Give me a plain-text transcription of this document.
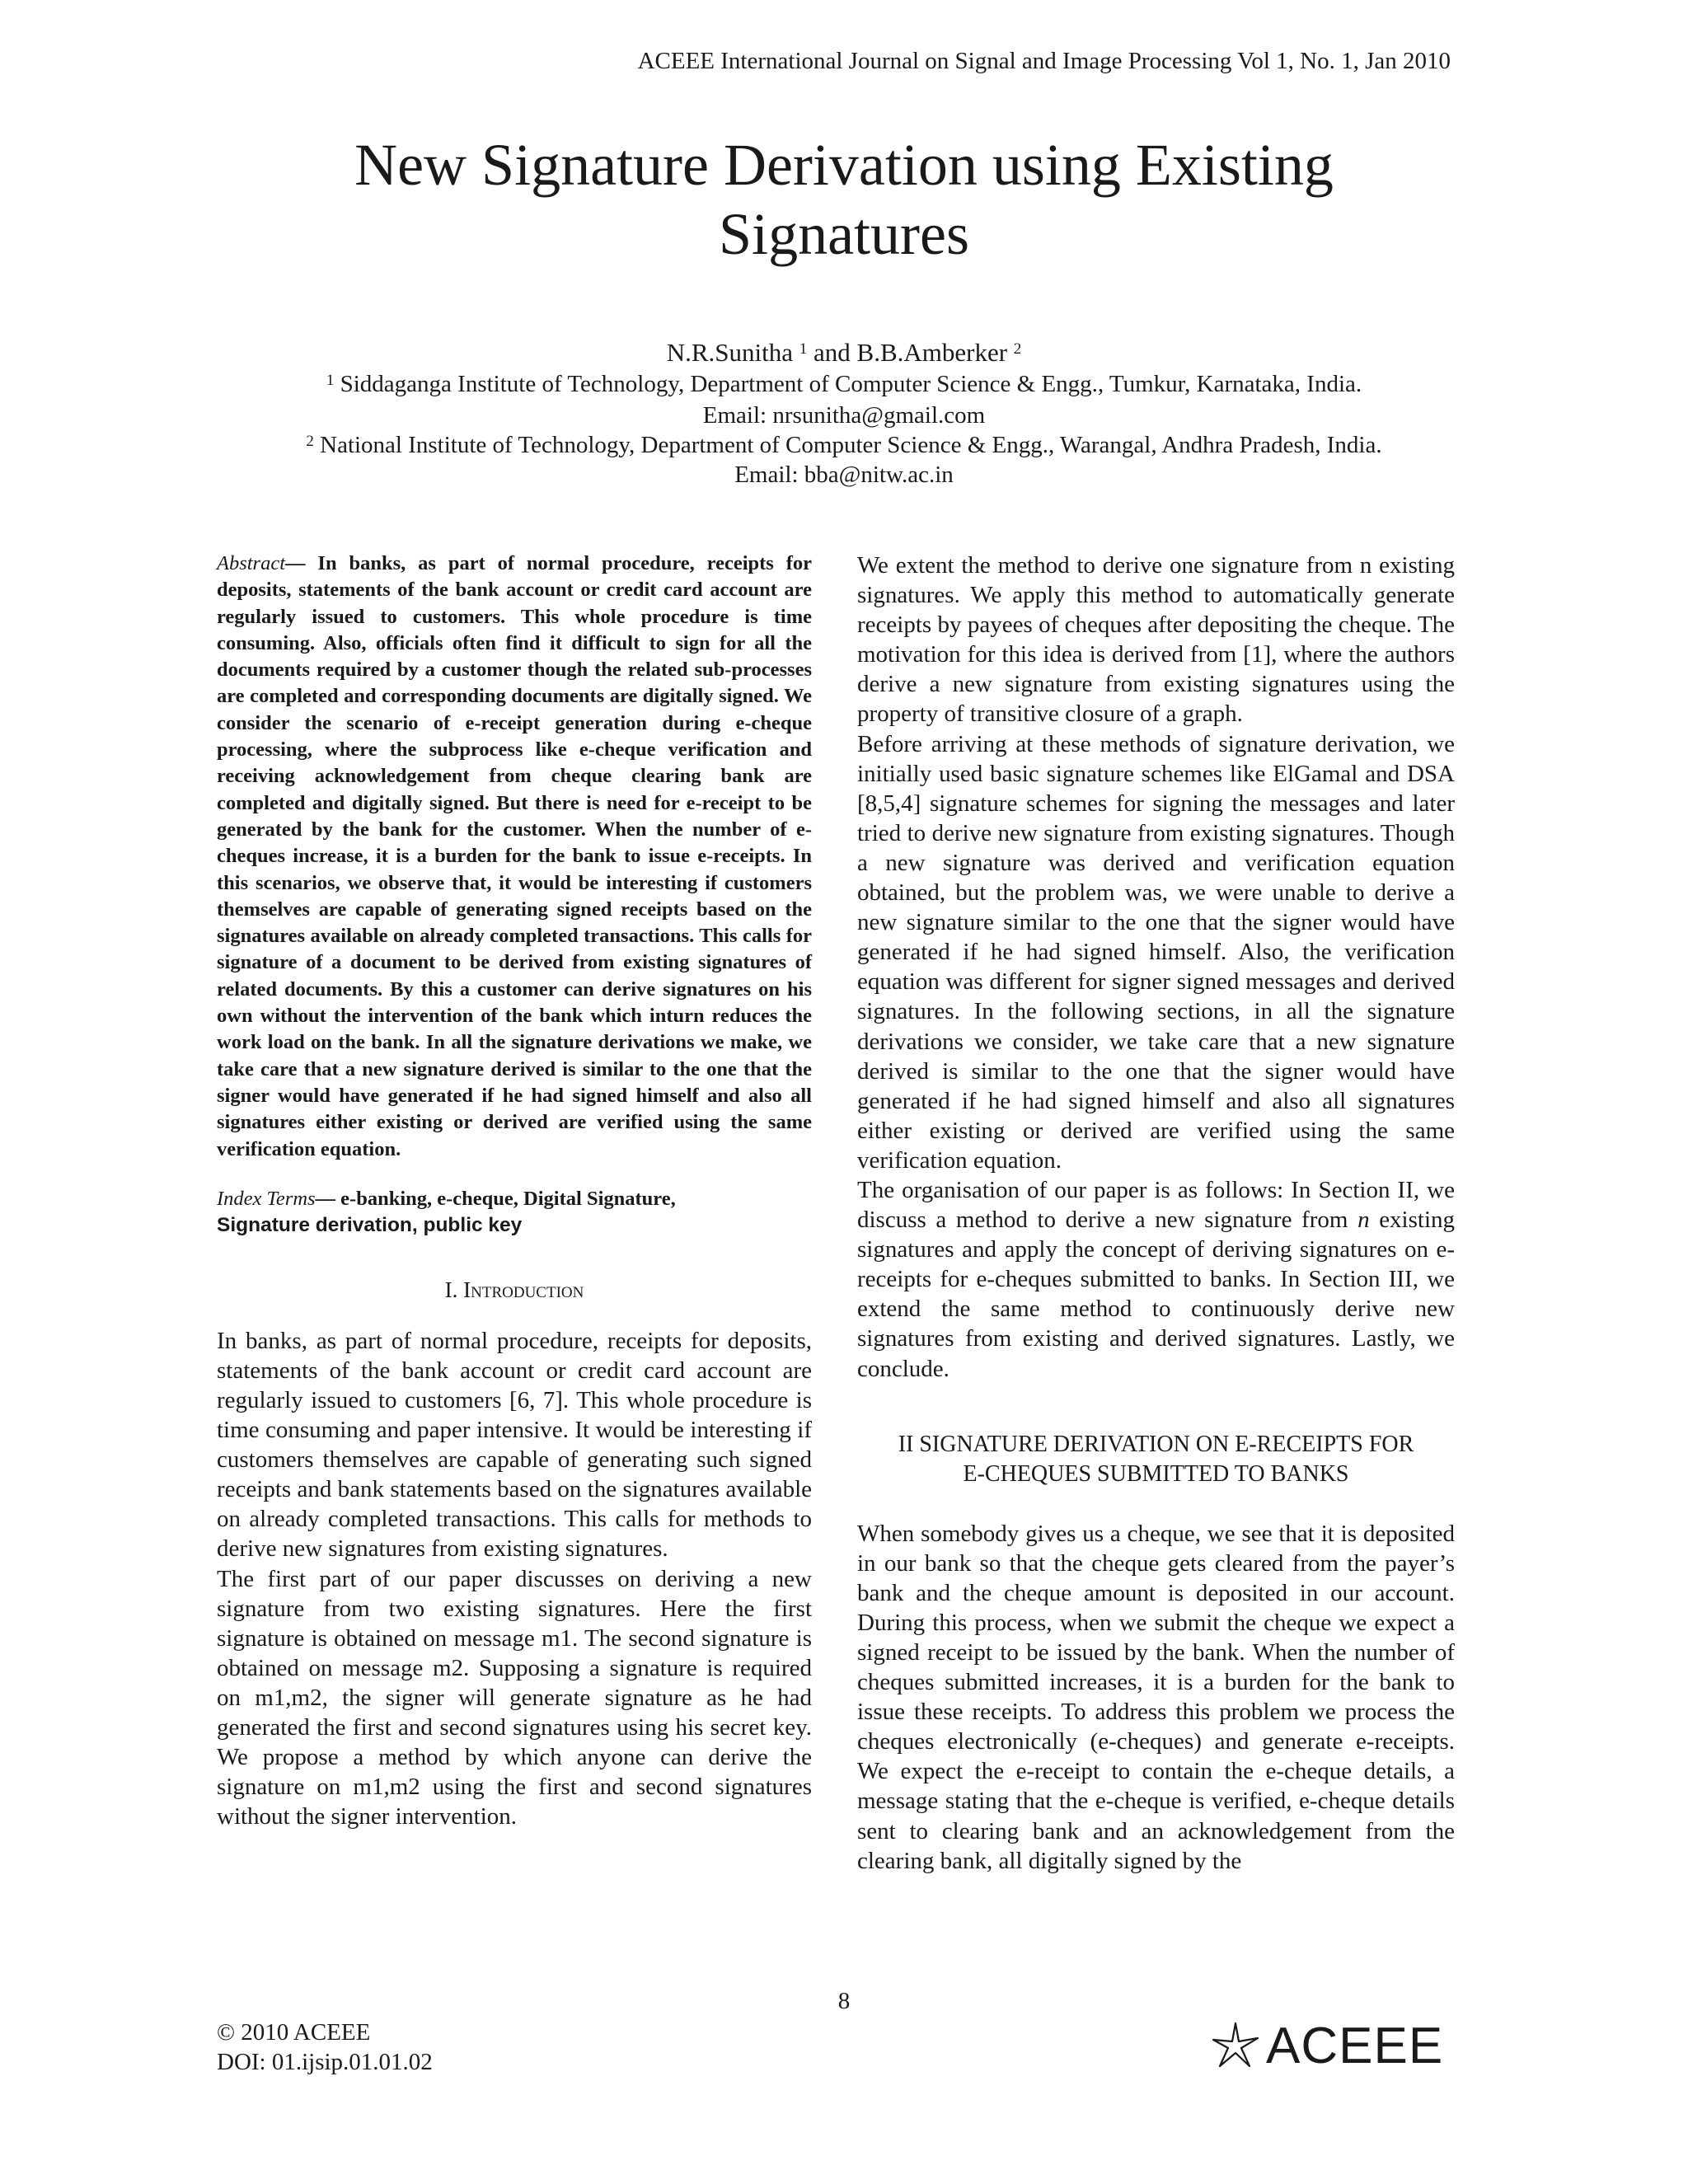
ACEEE International Journal on Signal and Image Processing Vol 1, No. 1, Jan 2010
New Signature Derivation using Existing
Signatures
N.R.Sunitha $^1$ and B.B.Amberker $^2$
$^1$ Siddaganga Institute of Technology, Department of Computer Science & Engg., Tumkur, Karnataka, India.
Email: nrsunitha@gmail.com
$^2$ National Institute of Technology, Department of Computer Science & Engg., Warangal, Andhra Pradesh, India.
Email: bba@nitw.ac.in

Abstract— In banks, as part of normal procedure, receipts for deposits, statements of the bank account or credit card account are regularly issued to customers. This whole procedure is time consuming. Also, officials often find it difficult to sign for all the documents required by a customer though the related sub-processes are completed and corresponding documents are digitally signed. We consider the scenario of e-receipt generation during e-cheque processing, where the subprocess like e-cheque verification and receiving acknowledgement from cheque clearing bank are completed and digitally signed. But there is need for e-receipt to be generated by the bank for the customer. When the number of e-cheques increase, it is a burden for the bank to issue e-receipts. In this scenarios, we observe that, it would be interesting if customers themselves are capable of generating signed receipts based on the signatures available on already completed transactions. This calls for signature of a document to be derived from existing signatures of related documents. By this a customer can derive signatures on his own without the intervention of the bank which inturn reduces the work load on the bank. In all the signature derivations we make, we take care that a new signature derived is similar to the one that the signer would have generated if he had signed himself and also all signatures either existing or derived are verified using the same verification equation.

Index Terms— e-banking, e-cheque, Digital Signature,
Signature derivation, public key

I. Introduction

In banks, as part of normal procedure, receipts for deposits, statements of the bank account or credit card account are regularly issued to customers [6, 7]. This whole procedure is time consuming and paper intensive. It would be interesting if customers themselves are capable of generating such signed receipts and bank statements based on the signatures available on already completed transactions. This calls for methods to derive new signatures from existing signatures.

The first part of our paper discusses on deriving a new signature from two existing signatures. Here the first signature is obtained on message m1. The second signature is obtained on message m2. Supposing a signature is required on m1,m2, the signer will generate signature as he had generated the first and second signatures using his secret key. We propose a method by which anyone can derive the signature on m1,m2 using the first and second signatures without the signer intervention.

We extent the method to derive one signature from n existing signatures. We apply this method to automatically generate receipts by payees of cheques after depositing the cheque. The motivation for this idea is derived from [1], where the authors derive a new signature from existing signatures using the property of transitive closure of a graph.

Before arriving at these methods of signature derivation, we initially used basic signature schemes like ElGamal and DSA [8,5,4] signature schemes for signing the messages and later tried to derive new signature from existing signatures. Though a new signature was derived and verification equation obtained, but the problem was, we were unable to derive a new signature similar to the one that the signer would have generated if he had signed himself. Also, the verification equation was different for signer signed messages and derived signatures. In the following sections, in all the signature derivations we consider, we take care that a new signature derived is similar to the one that the signer would have generated if he had signed himself and also all signatures either existing or derived are verified using the same verification equation.

The organisation of our paper is as follows: In Section II, we discuss a method to derive a new signature from n existing signatures and apply the concept of deriving signatures on e-receipts for e-cheques submitted to banks. In Section III, we extend the same method to continuously derive new signatures from existing and derived signatures. Lastly, we conclude.

II SIGNATURE DERIVATION ON E-RECEIPTS FOR
E-CHEQUES SUBMITTED TO BANKS

When somebody gives us a cheque, we see that it is deposited in our bank so that the cheque gets cleared from the payer’s bank and the cheque amount is deposited in our account. During this process, when we submit the cheque we expect a signed receipt to be issued by the bank. When the number of cheques submitted increases, it is a burden for the bank to issue these receipts. To address this problem we process the cheques electronically (e-cheques) and generate e-receipts. We expect the e-receipt to contain the e-cheque details, a message stating that the e-cheque is verified, e-cheque details sent to clearing bank and an acknowledgement from the clearing bank, all digitally signed by the

8
© 2010 ACEEE
DOI: 01.ijsip.01.01.02	ACEEE
